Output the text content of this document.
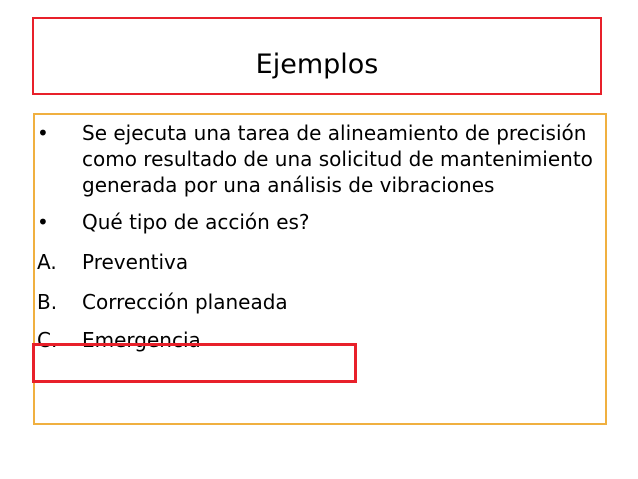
Ejemplos
• Se ejecuta una tarea de alineamiento de precisión como resultado de una solicitud de mantenimiento generada por una análisis de vibraciones
• Qué tipo de acción es?
A. Preventiva
B. Corrección planeada
C. Emergencia
